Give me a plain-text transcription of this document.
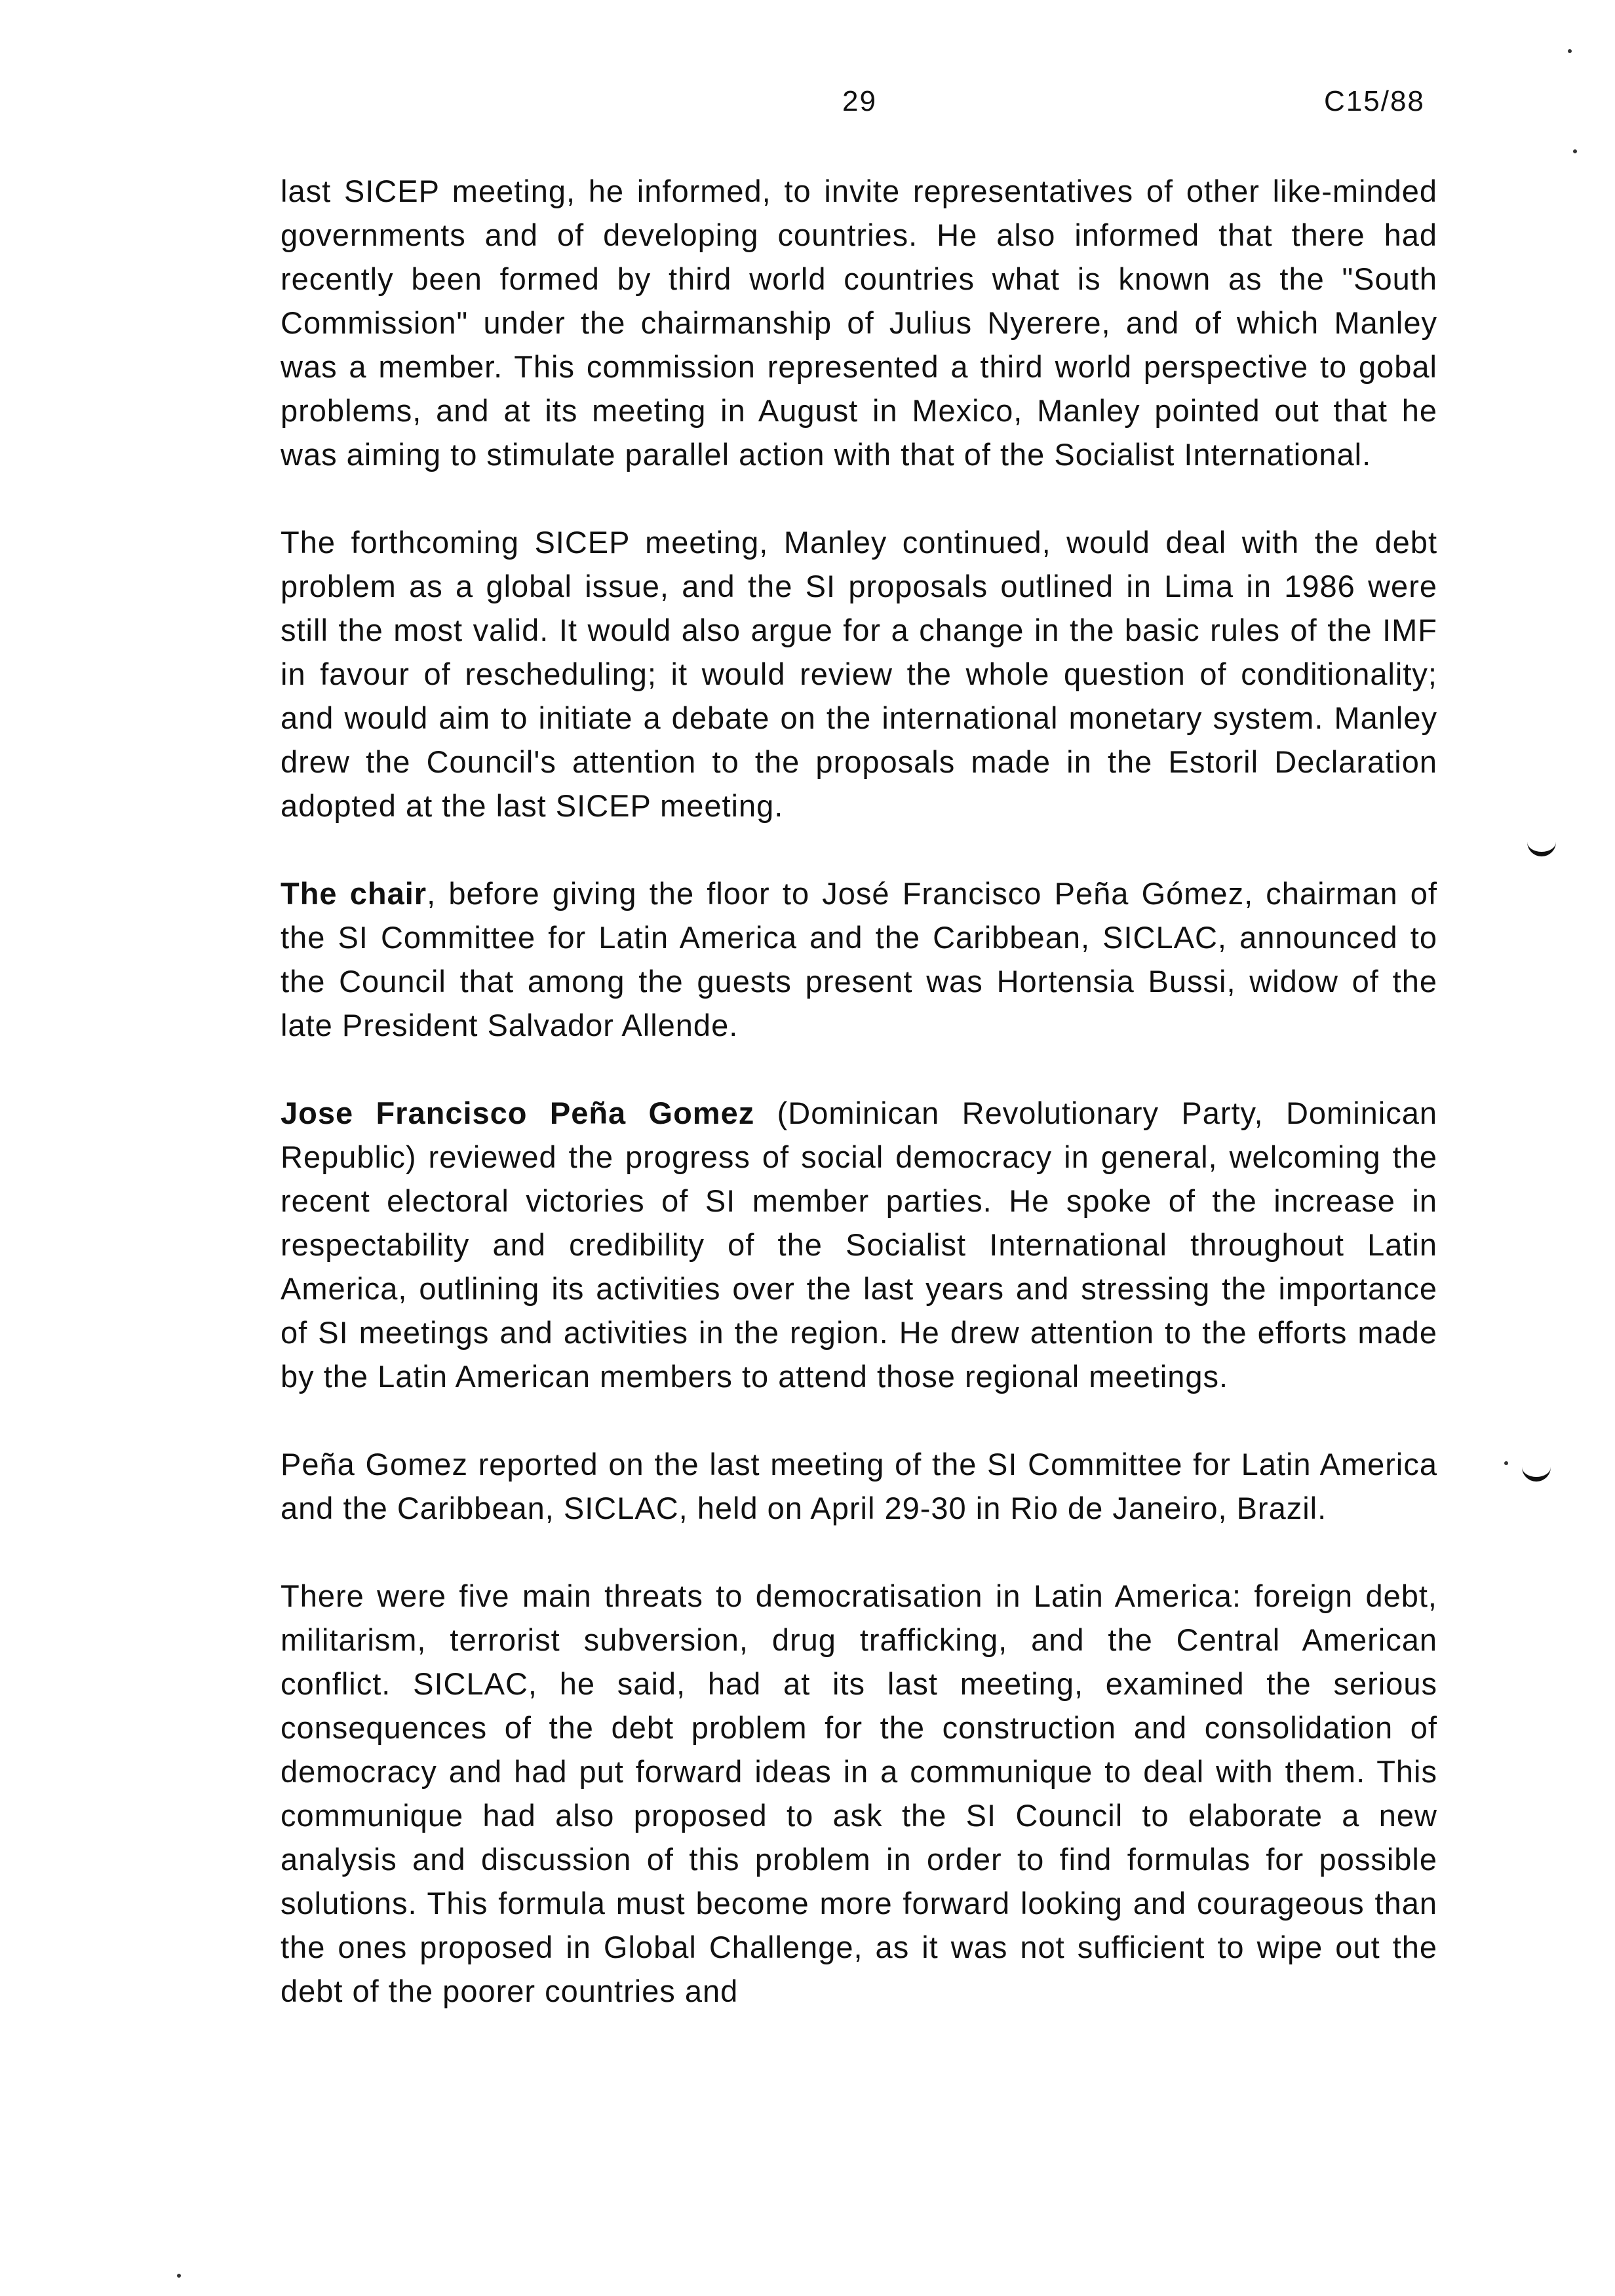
29	C15/88

last SICEP meeting, he informed, to invite representatives of other like-minded governments and of developing countries. He also informed that there had recently been formed by third world countries what is known as the "South Commission" under the chairmanship of Julius Nyerere, and of which Manley was a member. This commission represented a third world perspective to gobal problems, and at its meeting in August in Mexico, Manley pointed out that he was aiming to stimulate parallel action with that of the Socialist International.

The forthcoming SICEP meeting, Manley continued, would deal with the debt problem as a global issue, and the SI proposals outlined in Lima in 1986 were still the most valid. It would also argue for a change in the basic rules of the IMF in favour of rescheduling; it would review the whole question of conditionality; and would aim to initiate a debate on the international monetary system. Manley drew the Council's attention to the proposals made in the Estoril Declaration adopted at the last SICEP meeting.

The chair, before giving the floor to José Francisco Peña Gómez, chairman of the SI Committee for Latin America and the Caribbean, SICLAC, announced to the Council that among the guests present was Hortensia Bussi, widow of the late President Salvador Allende.

Jose Francisco Peña Gomez (Dominican Revolutionary Party, Dominican Republic) reviewed the progress of social democracy in general, welcoming the recent electoral victories of SI member parties. He spoke of the increase in respectability and credibility of the Socialist International throughout Latin America, outlining its activities over the last years and stressing the importance of SI meetings and activities in the region. He drew attention to the efforts made by the Latin American members to attend those regional meetings.

Peña Gomez reported on the last meeting of the SI Committee for Latin America and the Caribbean, SICLAC, held on April 29-30 in Rio de Janeiro, Brazil.

There were five main threats to democratisation in Latin America: foreign debt, militarism, terrorist subversion, drug trafficking, and the Central American conflict. SICLAC, he said, had at its last meeting, examined the serious consequences of the debt problem for the construction and consolidation of democracy and had put forward ideas in a communique to deal with them. This communique had also proposed to ask the SI Council to elaborate a new analysis and discussion of this problem in order to find formulas for possible solutions. This formula must become more forward looking and courageous than the ones proposed in Global Challenge, as it was not sufficient to wipe out the debt of the poorer countries and
